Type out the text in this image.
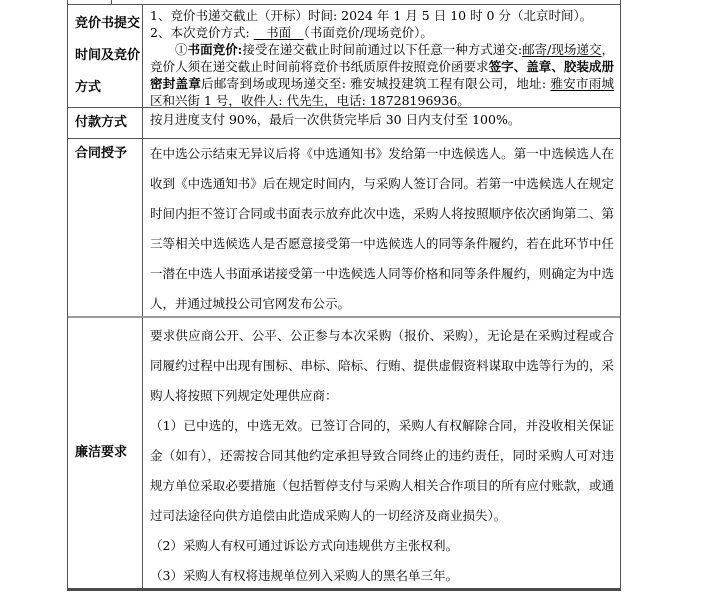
竞价书提交时间及竞价方式

1、竞价书递交截止（开标）时间: 2024 年 1 月 5 日 10 时 0 分（北京时间）。

2、本次竞价方式: 　书面　（书面竞价/现场竞价）。

　　①书面竞价:接受在递交截止时间前通过以下任意一种方式递交:邮寄/现场递交，竞价人须在递交截止时间前将竞价书纸质原件按照竞价函要求签字、盖章、胶装成册密封盖章后邮寄到场或现场递交至: 雅安城投建筑工程有限公司，地址: 雅安市雨城区和兴街 1 号，收件人: 代先生，电话: 18728196936。

付款方式 按月进度支付 90%，最后一次供货完毕后 30 日内支付至 100%。

合同授予 在中选公示结束无异议后将《中选通知书》发给第一中选候选人。第一中选候选人在收到《中选通知书》后在规定时间内，与采购人签订合同。若第一中选候选人在规定时间内拒不签订合同或书面表示放弃此次中选，采购人将按照顺序依次函询第二、第三等相关中选候选人是否愿意接受第一中选候选人的同等条件履约，若在此环节中任一潜在中选人书面承诺接受第一中选候选人同等价格和同等条件履约，则确定为中选人，并通过城投公司官网发布公示。

廉洁要求

要求供应商公开、公平、公正参与本次采购（报价、采购），无论是在采购过程或合同履约过程中出现有围标、串标、陪标、行贿、提供虚假资料谋取中选等行为的，采购人将按照下列规定处理供应商：

（1）已中选的，中选无效。已签订合同的，采购人有权解除合同，并没收相关保证金（如有），还需按合同其他约定承担导致合同终止的违约责任，同时采购人可对违规方单位采取必要措施（包括暂停支付与采购人相关合作项目的所有应付账款，或通过司法途径向供方追偿由此造成采购人的一切经济及商业损失）。

（2）采购人有权可通过诉讼方式向违规供方主张权利。

（3）采购人有权将违规单位列入采购人的黑名单三年。
